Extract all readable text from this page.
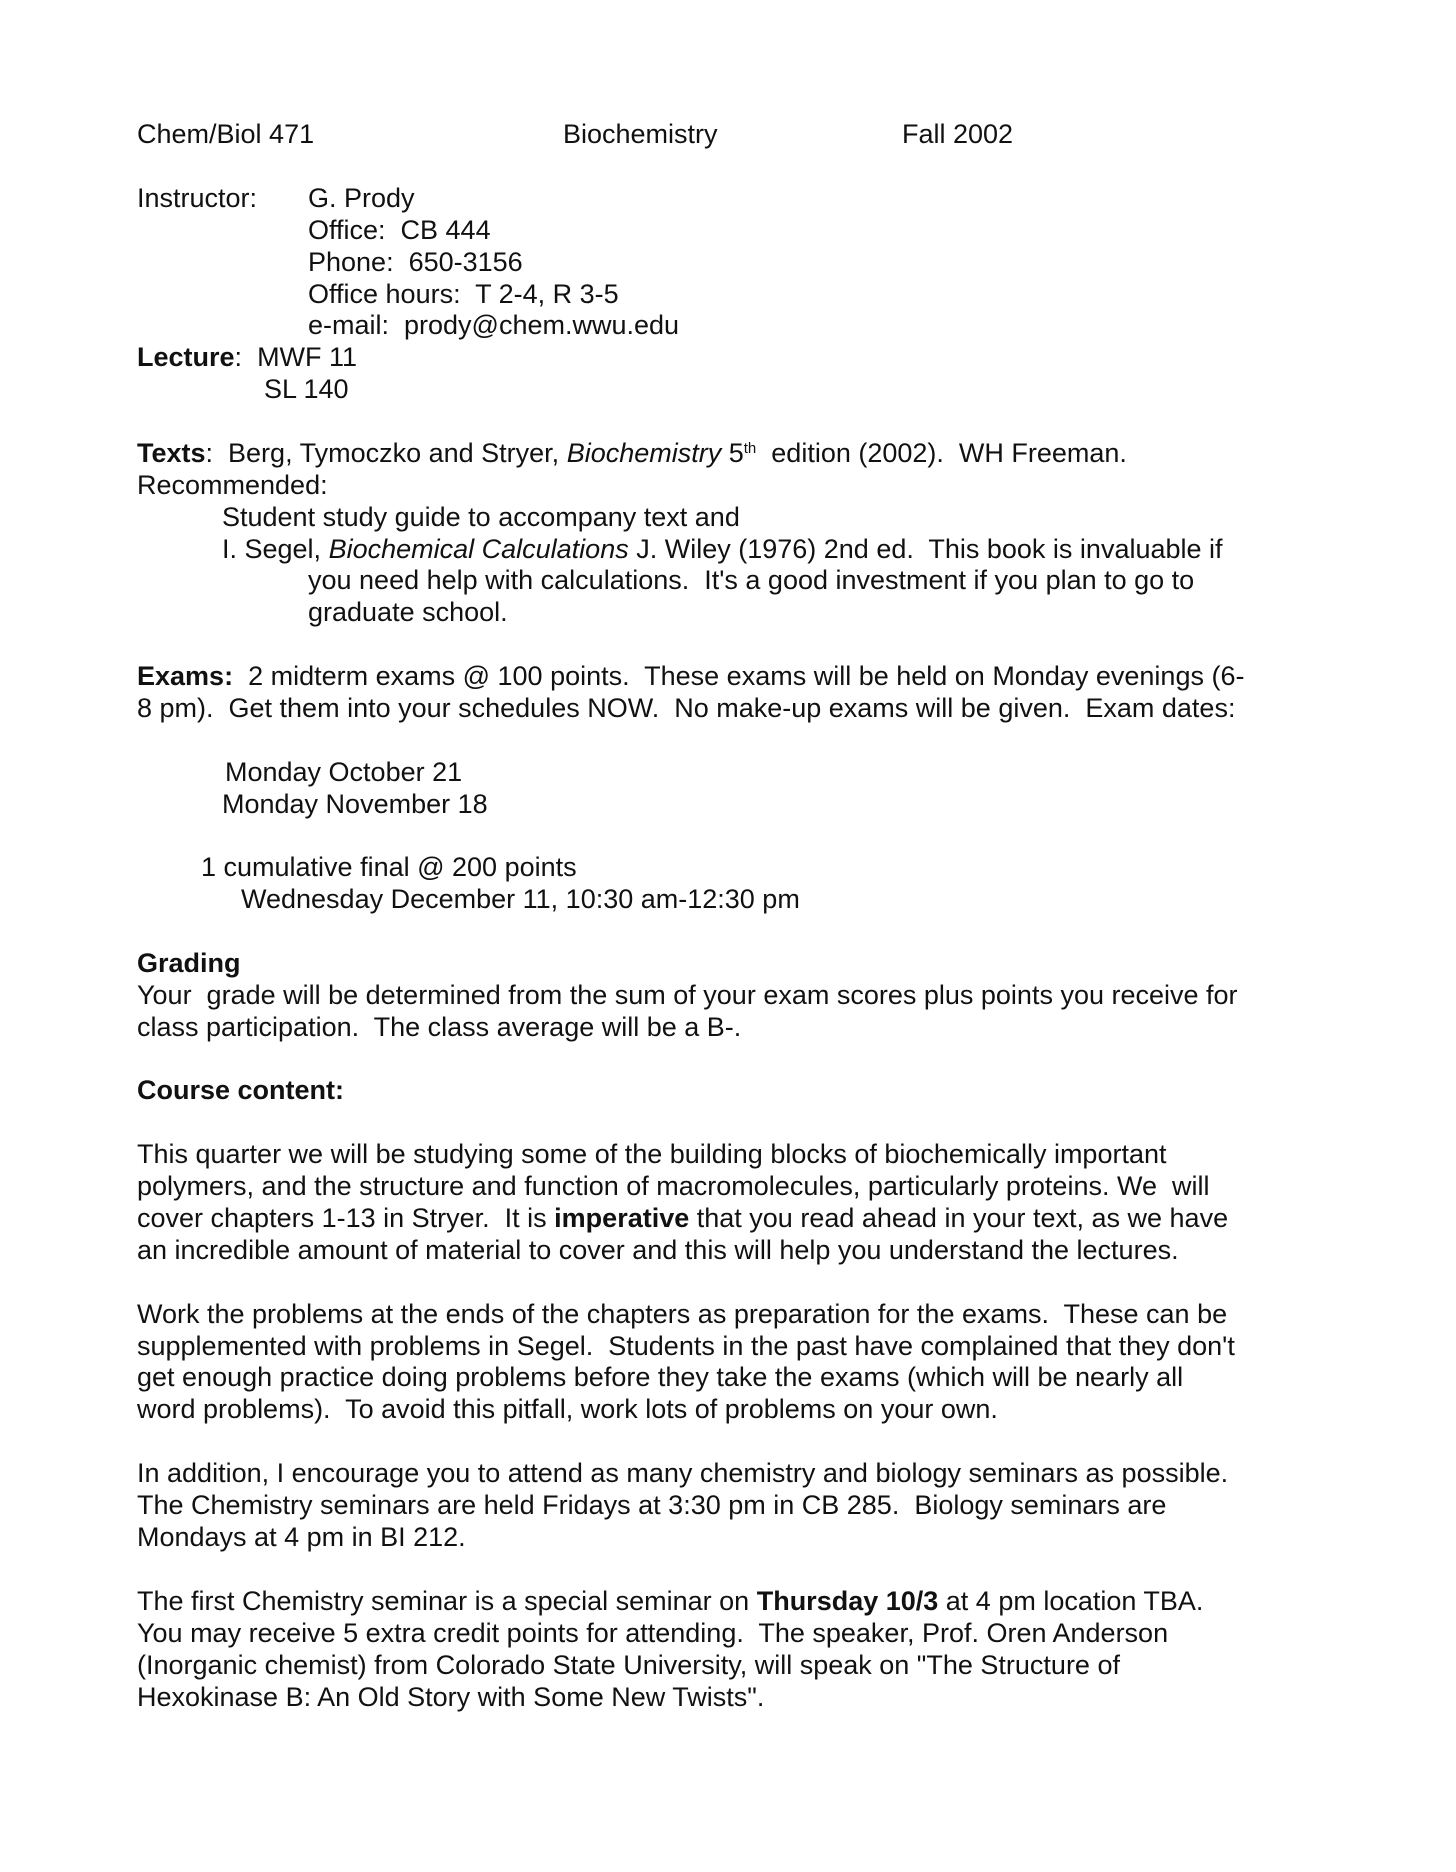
Chem/Biol 471	Biochemistry	Fall 2002
Instructor: G. Prody
Office:  CB 444
Phone:  650-3156
Office hours:  T 2-4, R 3-5
e-mail:  prody@chem.wwu.edu
Lecture:  MWF 11
SL 140
Texts:  Berg, Tymoczko and Stryer, Biochemistry 5th  edition (2002).  WH Freeman.
Recommended:
Student study guide to accompany text and
I. Segel, Biochemical Calculations J. Wiley (1976) 2nd ed.  This book is invaluable if
you need help with calculations.  It's a good investment if you plan to go to
graduate school.
Exams:  2 midterm exams @ 100 points.  These exams will be held on Monday evenings (6-
8 pm).  Get them into your schedules NOW.  No make-up exams will be given.  Exam dates:
Monday October 21
Monday November 18
1 cumulative final @ 200 points
Wednesday December 11, 10:30 am-12:30 pm
Grading
Your  grade will be determined from the sum of your exam scores plus points you receive for
class participation.  The class average will be a B-.
Course content:
This quarter we will be studying some of the building blocks of biochemically important
polymers, and the structure and function of macromolecules, particularly proteins. We  will
cover chapters 1-13 in Stryer.  It is imperative that you read ahead in your text, as we have
an incredible amount of material to cover and this will help you understand the lectures.
Work the problems at the ends of the chapters as preparation for the exams.  These can be
supplemented with problems in Segel.  Students in the past have complained that they don't
get enough practice doing problems before they take the exams (which will be nearly all
word problems).  To avoid this pitfall, work lots of problems on your own.
In addition, I encourage you to attend as many chemistry and biology seminars as possible.
The Chemistry seminars are held Fridays at 3:30 pm in CB 285.  Biology seminars are
Mondays at 4 pm in BI 212.
The first Chemistry seminar is a special seminar on Thursday 10/3 at 4 pm location TBA.
You may receive 5 extra credit points for attending.  The speaker, Prof. Oren Anderson
(Inorganic chemist) from Colorado State University, will speak on "The Structure of
Hexokinase B: An Old Story with Some New Twists".
